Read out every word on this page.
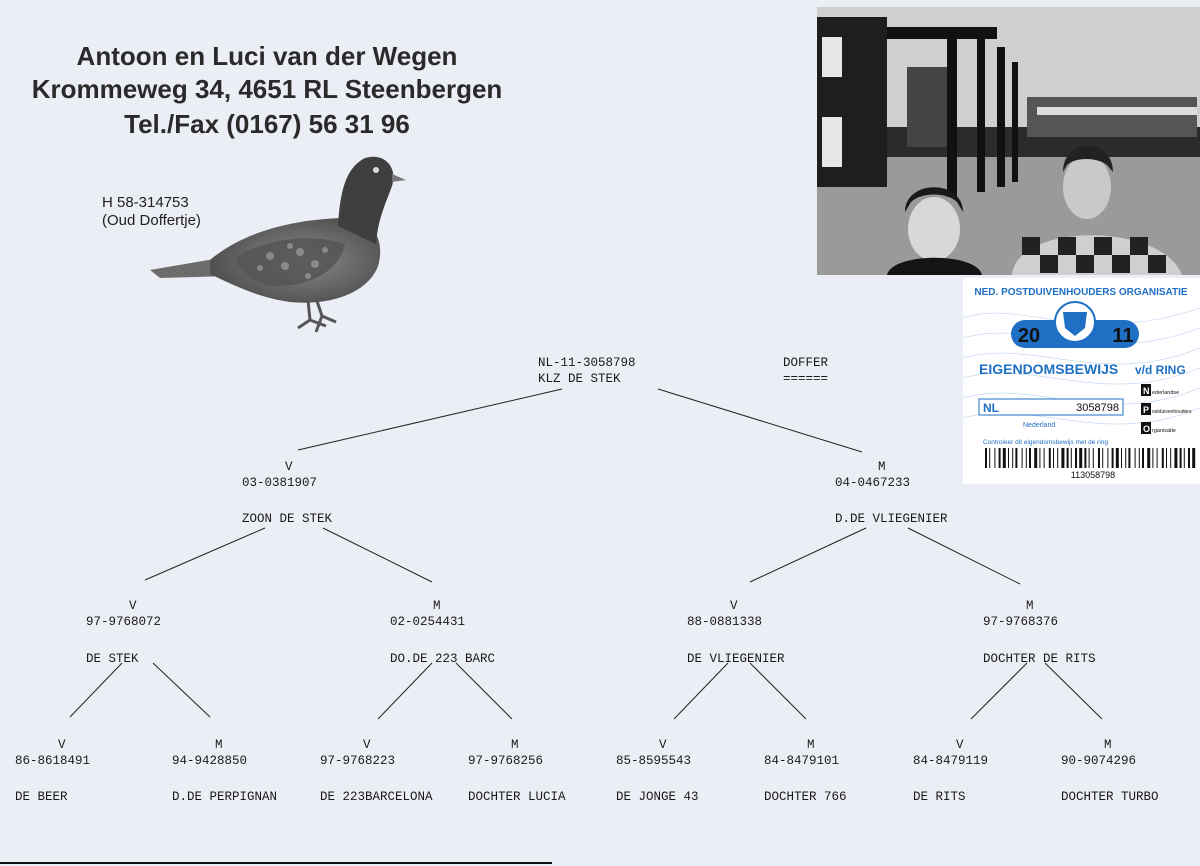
Antoon en Luci van der Wegen
Krommeweg 34, 4651 RL Steenbergen
Tel./Fax (0167) 56 31 96
H 58-314753
(Oud Doffertje)
NED. POSTDUIVENHOUDERS ORGANISATIE
20	11
EIGENDOMSBEWIJS v/d RING
NL	3058798
Nederland
Controleer dit eigendomsbewijs met de ring
N ederlandse
P ostduivenhouders
O rganisatie
113058798
NL-11-3058798
KLZ DE STEK
DOFFER
======
V
03-0381907
ZOON DE STEK
M
04-0467233
D.DE VLIEGENIER
V
97-9768072
DE STEK
M
02-0254431
DO.DE 223 BARC
V
88-0881338
DE VLIEGENIER
M
97-9768376
DOCHTER DE RITS
V
86-8618491
DE BEER
M
94-9428850
D.DE PERPIGNAN
V
97-9768223
DE 223BARCELONA
M
97-9768256
DOCHTER LUCIA
V
85-8595543
DE JONGE 43
M
84-8479101
DOCHTER 766
V
84-8479119
DE RITS
M
90-9074296
DOCHTER TURBO
